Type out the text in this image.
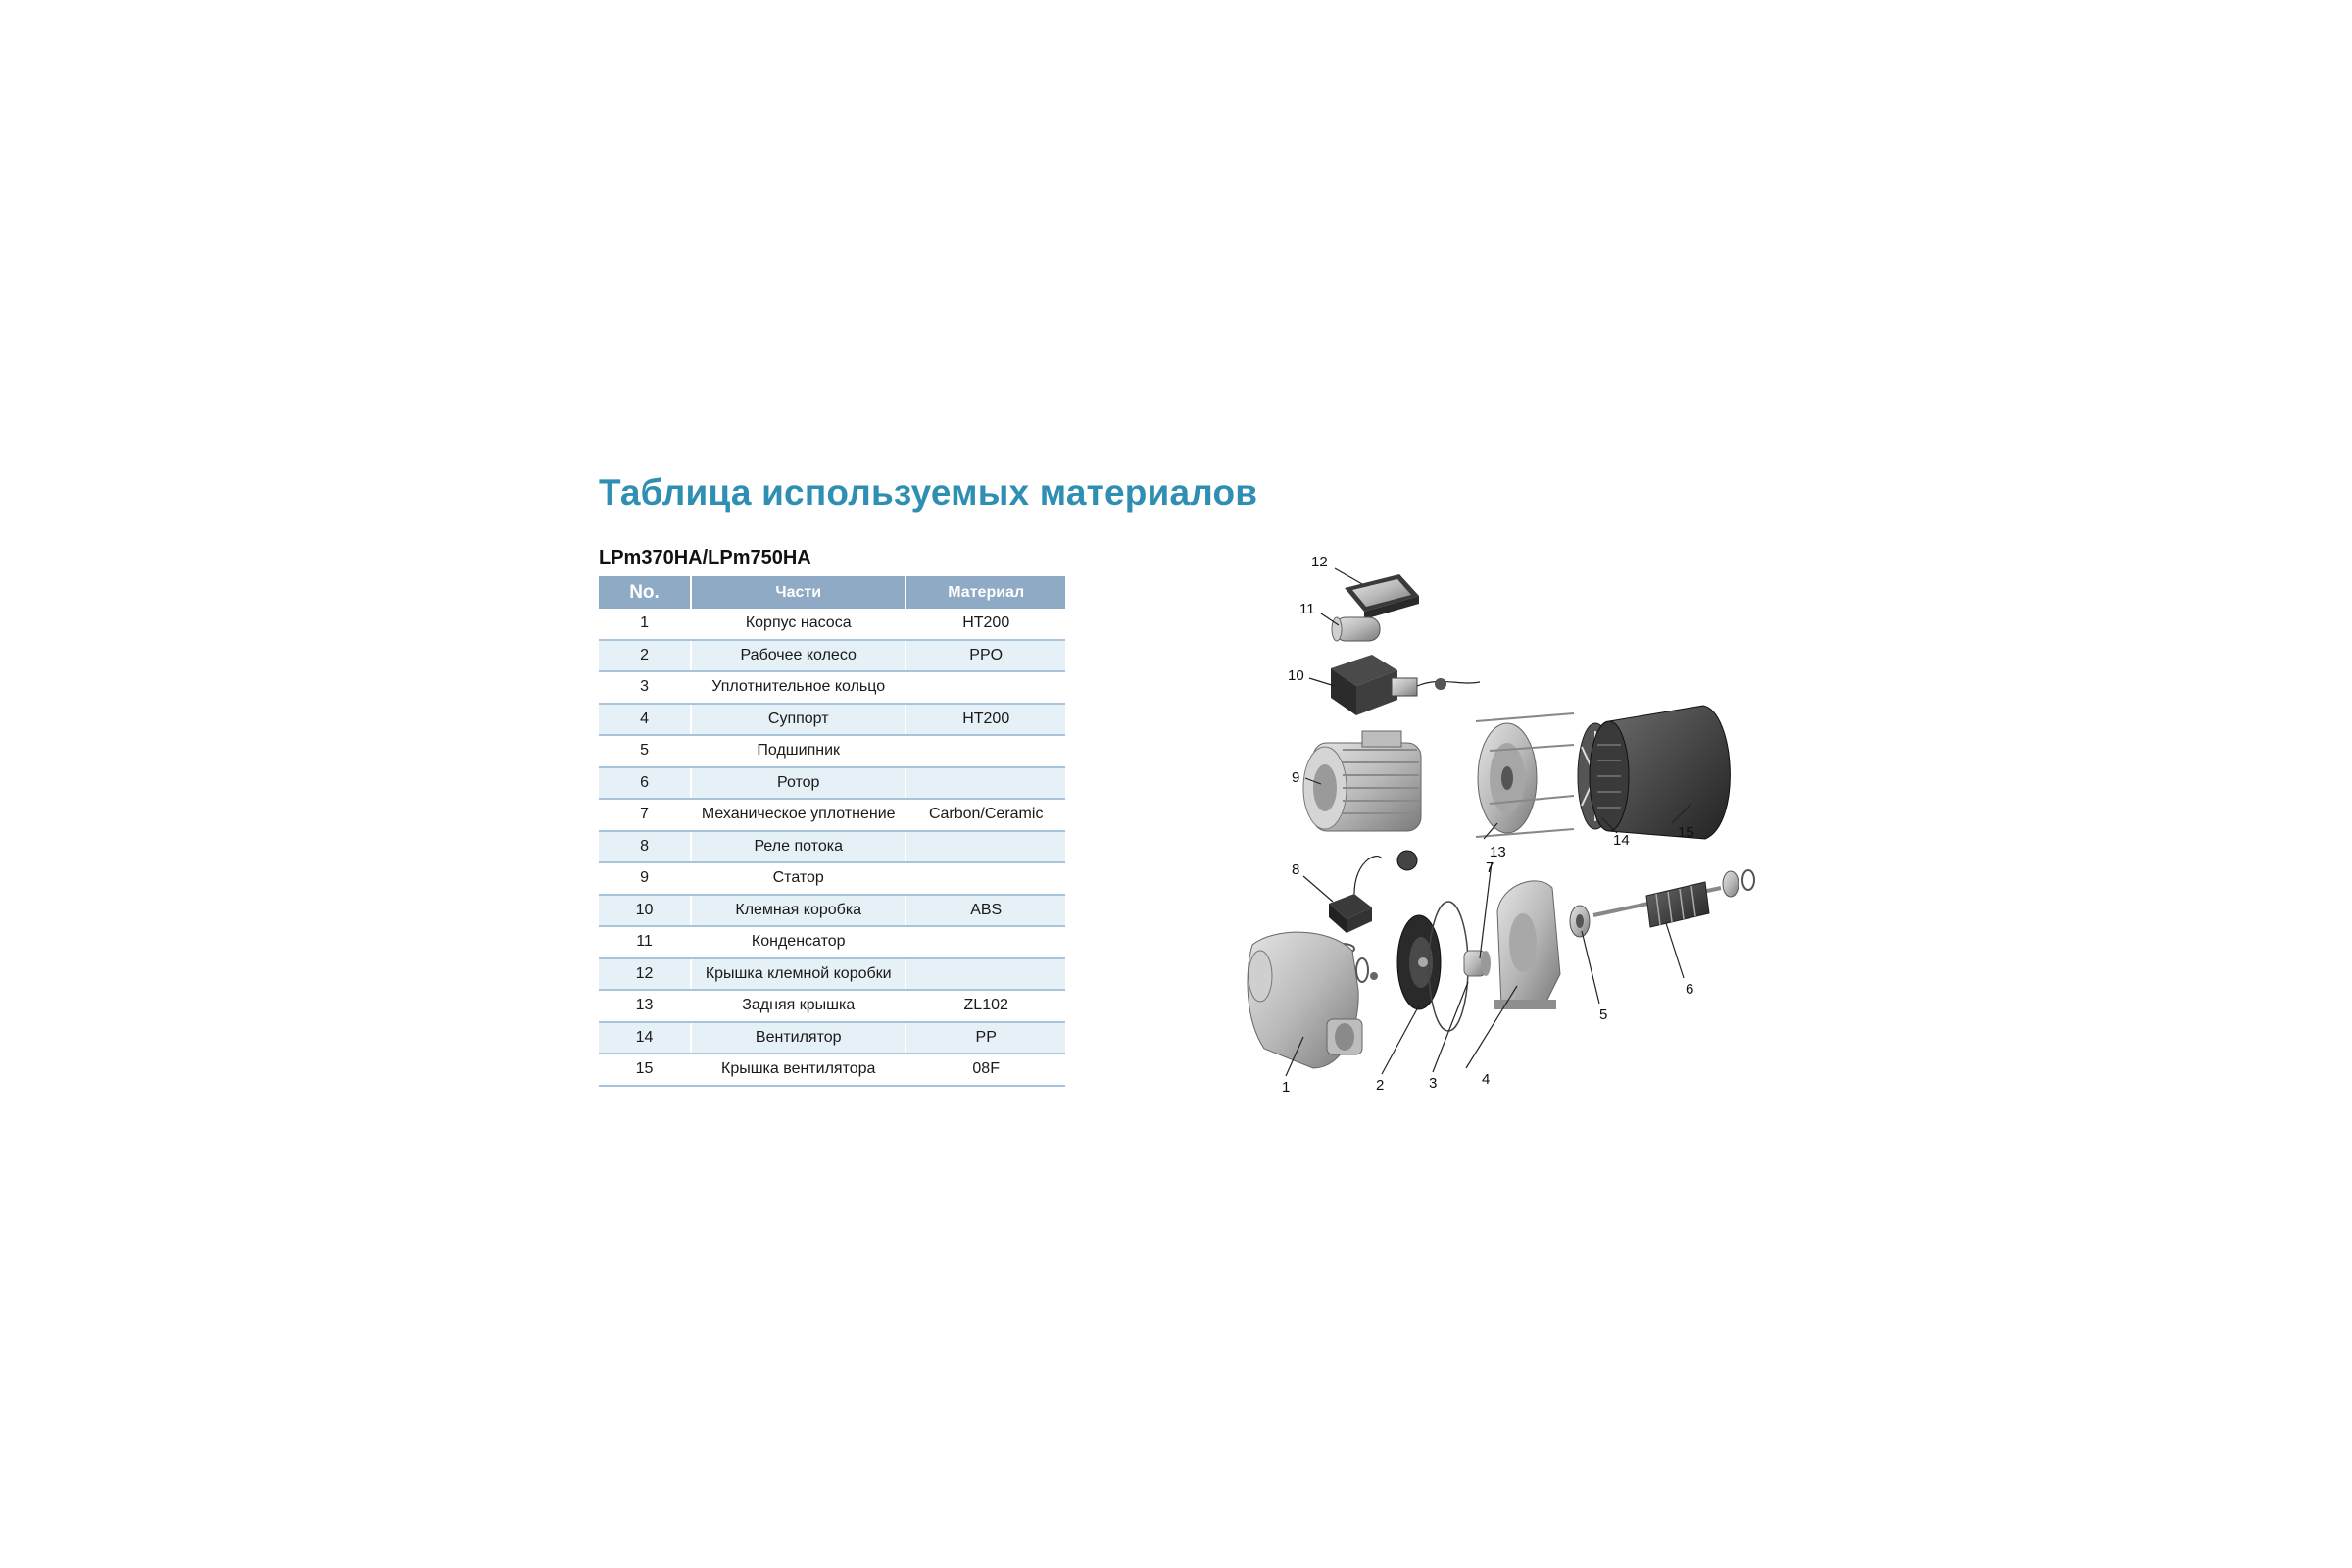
Таблица используемых материалов
LPm370HA/LPm750HA
No.	Части	Материал
1	Корпус насоса	HT200
2	Рабочее колесо	PPO
3	Уплотнительное кольцо	
4	Суппорт	HT200
5	Подшипник	
6	Ротор	
7	Механическое уплотнение	Carbon/Ceramic
8	Реле потока	
9	Статор	
10	Клемная коробка	ABS
11	Конденсатор	
12	Крышка клемной коробки	
13	Задняя крышка	ZL102
14	Вентилятор	PP
15	Крышка вентилятора	08F
12
11
10
9
8	7
6
5
4
3
2
1
13
14	15
